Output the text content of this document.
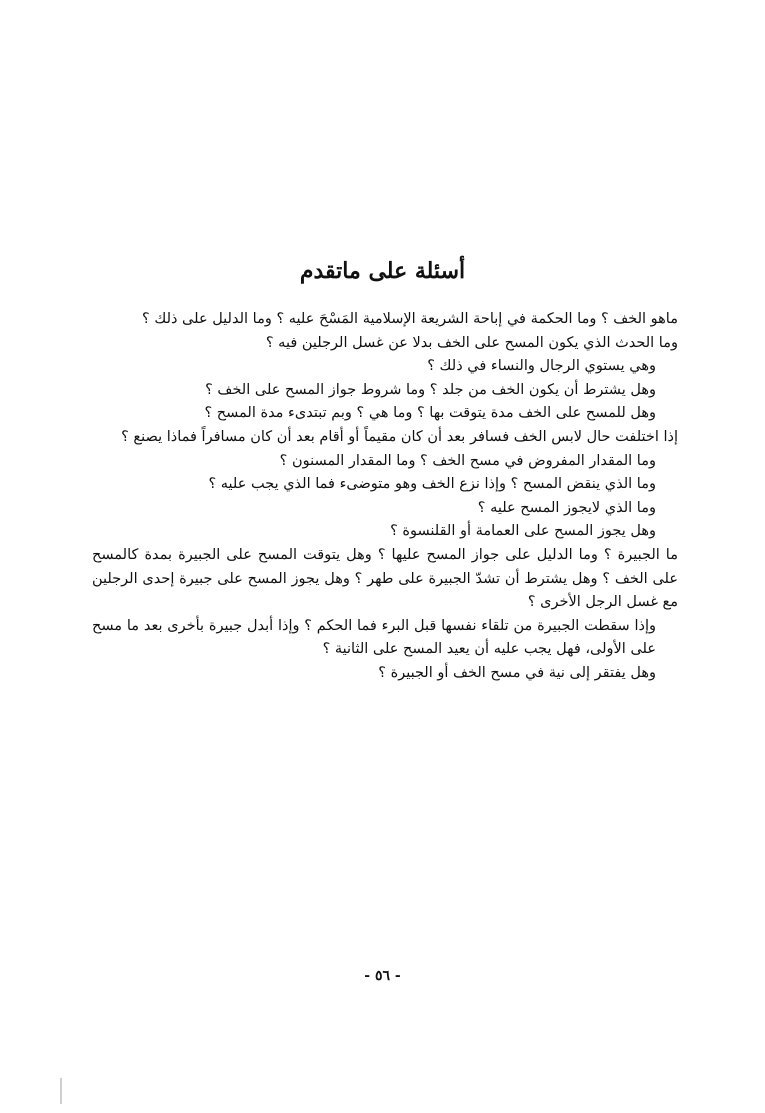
أسئلة على ماتقدم

ماهو الخف ؟ وما الحكمة في إباحة الشريعة الإسلامية المَسْحَ عليه ؟ وما الدليل على ذلك ؟

وما الحدث الذي يكون المسح على الخف بدلا عن غسل الرجلين فيه ؟

وهي يستوي الرجال والنساء في ذلك ؟

وهل يشترط أن يكون الخف من جلد ؟ وما شروط جواز المسح على الخف ؟

وهل للمسح على الخف مدة يتوقت بها ؟ وما هي ؟ وبم تبتدىء مدة المسح ؟

إذا اختلفت حال لابس الخف فسافر بعد أن كان مقيماً أو أقام بعد أن كان مسافراً فماذا يصنع ؟

وما المقدار المفروض في مسح الخف ؟ وما المقدار المسنون ؟

وما الذي ينقض المسح ؟ وإذا نزع الخف وهو متوضىء فما الذي يجب عليه ؟

وما الذي لايجوز المسح عليه ؟

وهل يجوز المسح على العمامة أو القلنسوة ؟

ما الجبيرة ؟ وما الدليل على جواز المسح عليها ؟ وهل يتوقت المسح على الجبيرة بمدة كالمسح على الخف ؟ وهل يشترط أن تشدّ الجبيرة على طهر ؟ وهل يجوز المسح على جبيرة إحدى الرجلين مع غسل الرجل الأخرى ؟

وإذا سقطت الجبيرة من تلقاء نفسها قبل البرء فما الحكم ؟ وإذا أبدل جبيرة بأخرى بعد ما مسح على الأولى، فهل يجب عليه أن يعيد المسح على الثانية ؟

وهل يفتقر إلى نية في مسح الخف أو الجبيرة ؟

- ٥٦ -
